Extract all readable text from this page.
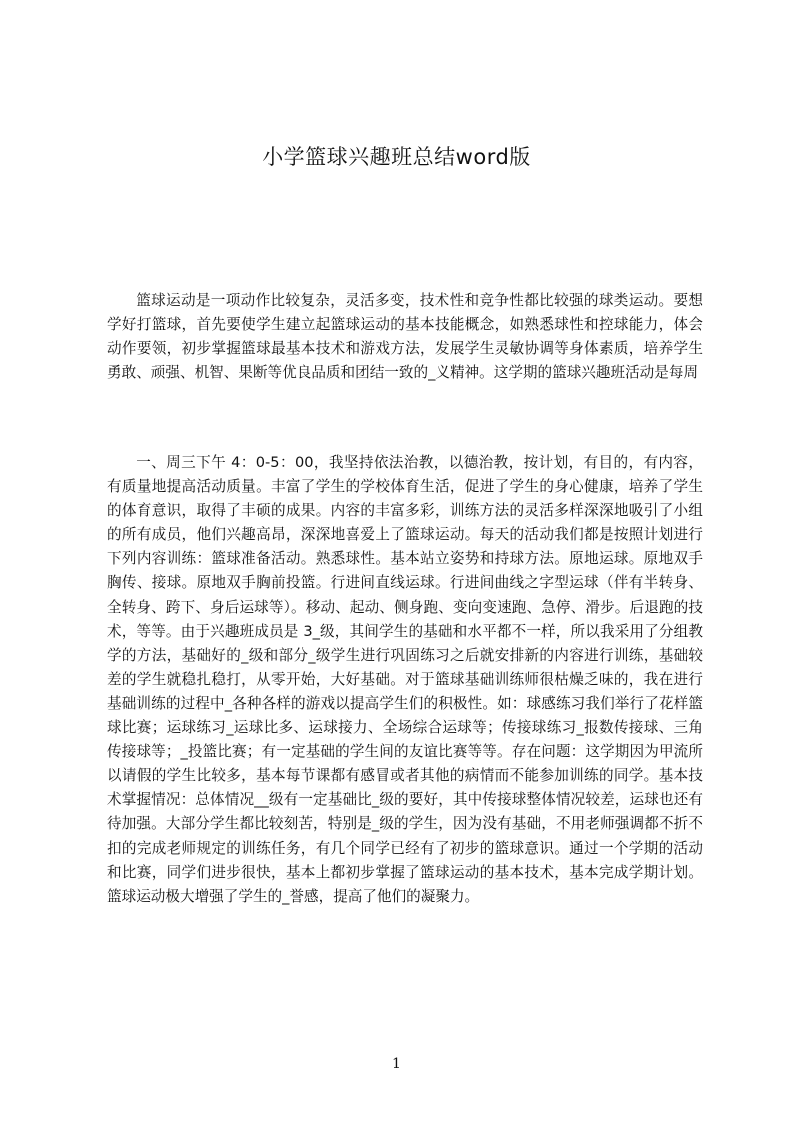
小学篮球兴趣班总结word版

篮球运动是一项动作比较复杂，灵活多变，技术性和竞争性都比较强的球类运动。要想学好打篮球，首先要使学生建立起篮球运动的基本技能概念，如熟悉球性和控球能力，体会动作要领，初步掌握篮球最基本技术和游戏方法，发展学生灵敏协调等身体素质，培养学生勇敢、顽强、机智、果断等优良品质和团结一致的_义精神。这学期的篮球兴趣班活动是每周

一、周三下午 4：0-5：00，我坚持依法治教，以德治教，按计划，有目的，有内容，有质量地提高活动质量。丰富了学生的学校体育生活，促进了学生的身心健康，培养了学生的体育意识，取得了丰硕的成果。内容的丰富多彩，训练方法的灵活多样深深地吸引了小组的所有成员，他们兴趣高昂，深深地喜爱上了篮球运动。每天的活动我们都是按照计划进行下列内容训练：篮球准备活动。熟悉球性。基本站立姿势和持球方法。原地运球。原地双手胸传、接球。原地双手胸前投篮。行进间直线运球。行进间曲线之字型运球（伴有半转身、全转身、跨下、身后运球等）。移动、起动、侧身跑、变向变速跑、急停、滑步。后退跑的技术，等等。由于兴趣班成员是 3_级，其间学生的基础和水平都不一样，所以我采用了分组教学的方法，基础好的_级和部分_级学生进行巩固练习之后就安排新的内容进行训练，基础较差的学生就稳扎稳打，从零开始，大好基础。对于篮球基础训练师很枯燥乏味的，我在进行基础训练的过程中_各种各样的游戏以提高学生们的积极性。如：球感练习我们举行了花样篮球比赛；运球练习_运球比多、运球接力、全场综合运球等；传接球练习_报数传接球、三角传接球等；_投篮比赛；有一定基础的学生间的友谊比赛等等。存在问题：这学期因为甲流所以请假的学生比较多，基本每节课都有感冒或者其他的病情而不能参加训练的同学。基本技术掌握情况：总体情况__级有一定基础比_级的要好，其中传接球整体情况较差，运球也还有待加强。大部分学生都比较刻苦，特别是_级的学生，因为没有基础，不用老师强调都不折不扣的完成老师规定的训练任务，有几个同学已经有了初步的篮球意识。通过一个学期的活动和比赛，同学们进步很快，基本上都初步掌握了篮球运动的基本技术，基本完成学期计划。篮球运动极大增强了学生的_誉感，提高了他们的凝聚力。

1
